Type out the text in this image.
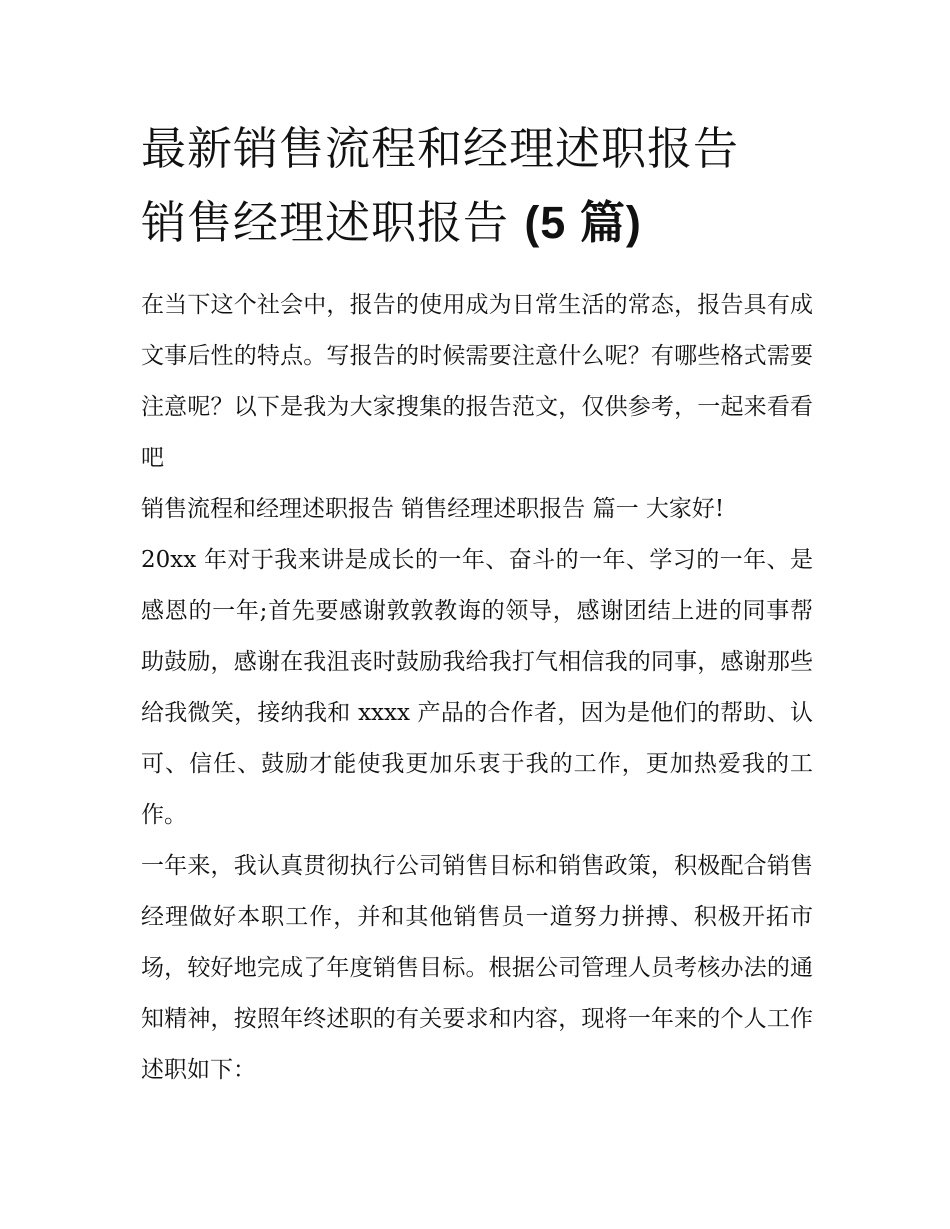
最新销售流程和经理述职报告
销售经理述职报告 (5 篇)

在当下这个社会中，报告的使用成为日常生活的常态，报告具有成文事后性的特点。写报告的时候需要注意什么呢？有哪些格式需要注意呢？以下是我为大家搜集的报告范文，仅供参考，一起来看看吧

销售流程和经理述职报告 销售经理述职报告 篇一 大家好!

20xx 年对于我来讲是成长的一年、奋斗的一年、学习的一年、是感恩的一年;首先要感谢敦敦教诲的领导，感谢团结上进的同事帮助鼓励，感谢在我沮丧时鼓励我给我打气相信我的同事，感谢那些给我微笑，接纳我和 xxxx 产品的合作者，因为是他们的帮助、认可、信任、鼓励才能使我更加乐衷于我的工作，更加热爱我的工作。

一年来，我认真贯彻执行公司销售目标和销售政策，积极配合销售经理做好本职工作，并和其他销售员一道努力拼搏、积极开拓市场，较好地完成了年度销售目标。根据公司管理人员考核办法的通知精神，按照年终述职的有关要求和内容，现将一年来的个人工作述职如下：
